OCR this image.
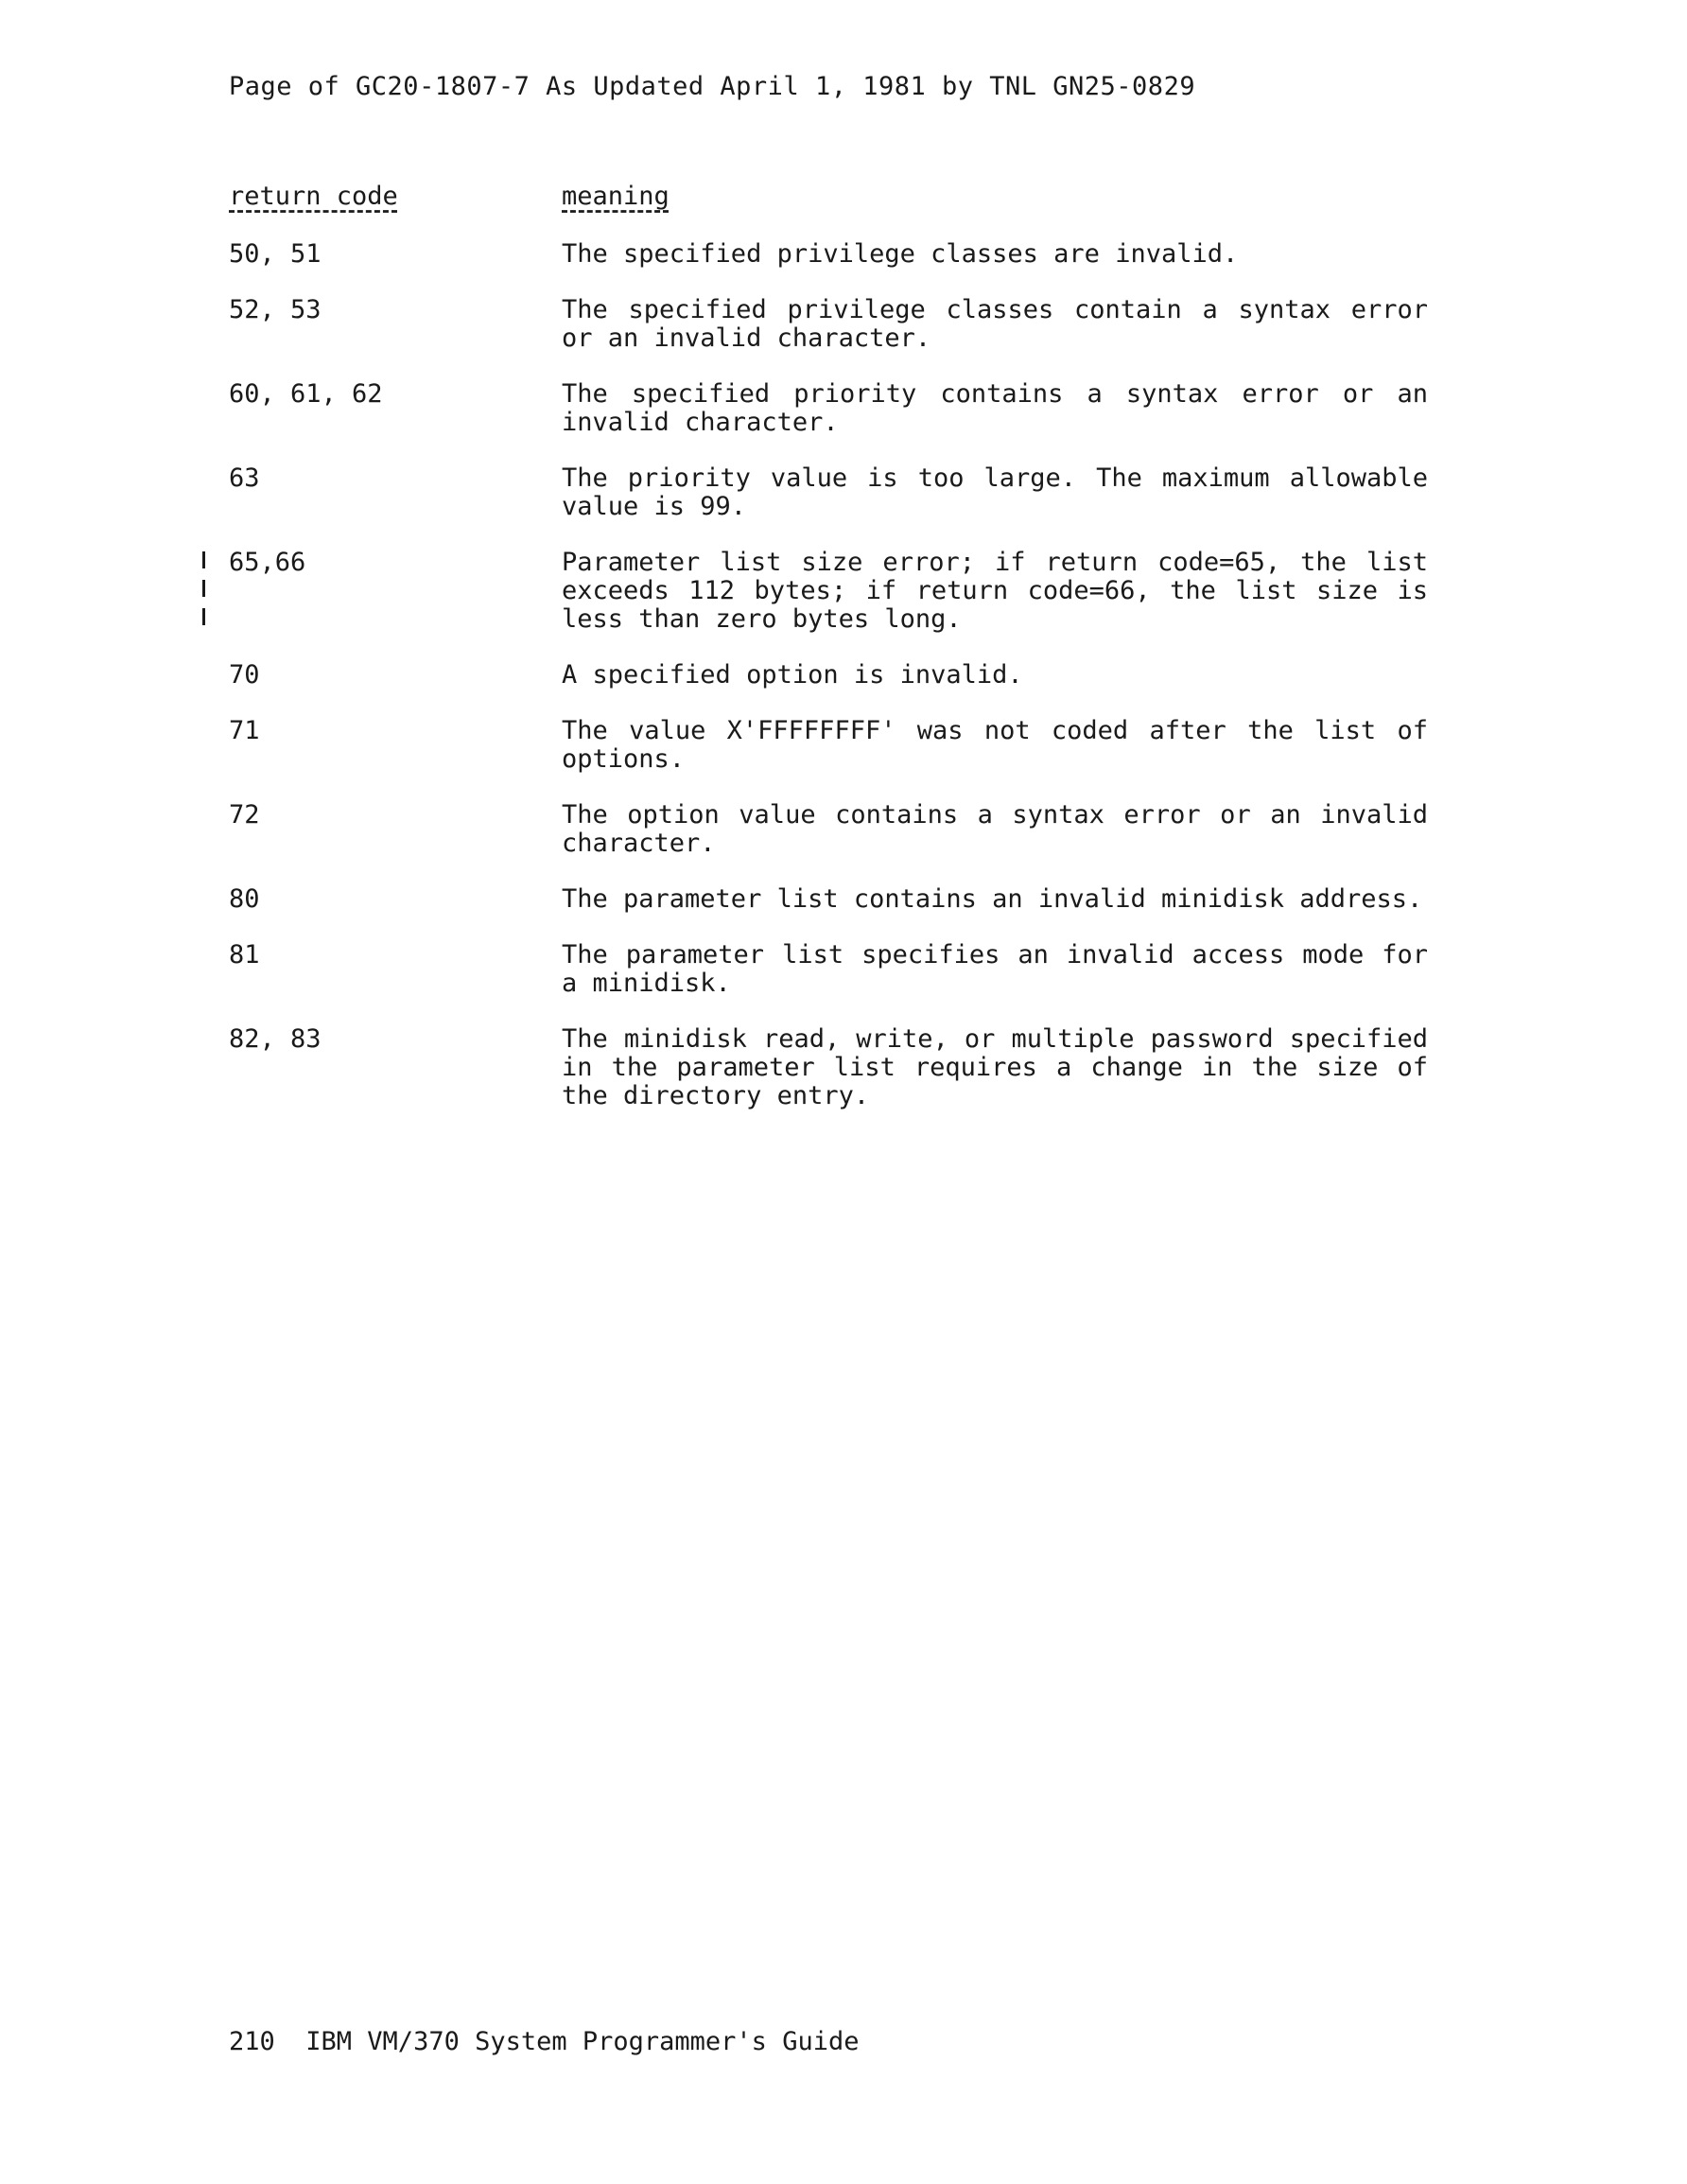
Page of GC20-1807-7 As Updated April 1, 1981 by TNL GN25-0829
return code	meaning
50, 51	The specified privilege classes are invalid.
52, 53	The specified privilege classes contain a syntax error or an invalid character.
60, 61, 62	The specified priority contains a syntax error or an invalid character.
63	The priority value is too large. The maximum allowable value is 99.
65,66	Parameter list size error; if return code=65, the list exceeds 112 bytes; if return code=66, the list size is less than zero bytes long.
70	A specified option is invalid.
71	The value X'FFFFFFFF' was not coded after the list of options.
72	The option value contains a syntax error or an invalid character.
80	The parameter list contains an invalid minidisk address.
81	The parameter list specifies an invalid access mode for a minidisk.
82, 83	The minidisk read, write, or multiple password specified in the parameter list requires a change in the size of the directory entry.
210  IBM VM/370 System Programmer's Guide
